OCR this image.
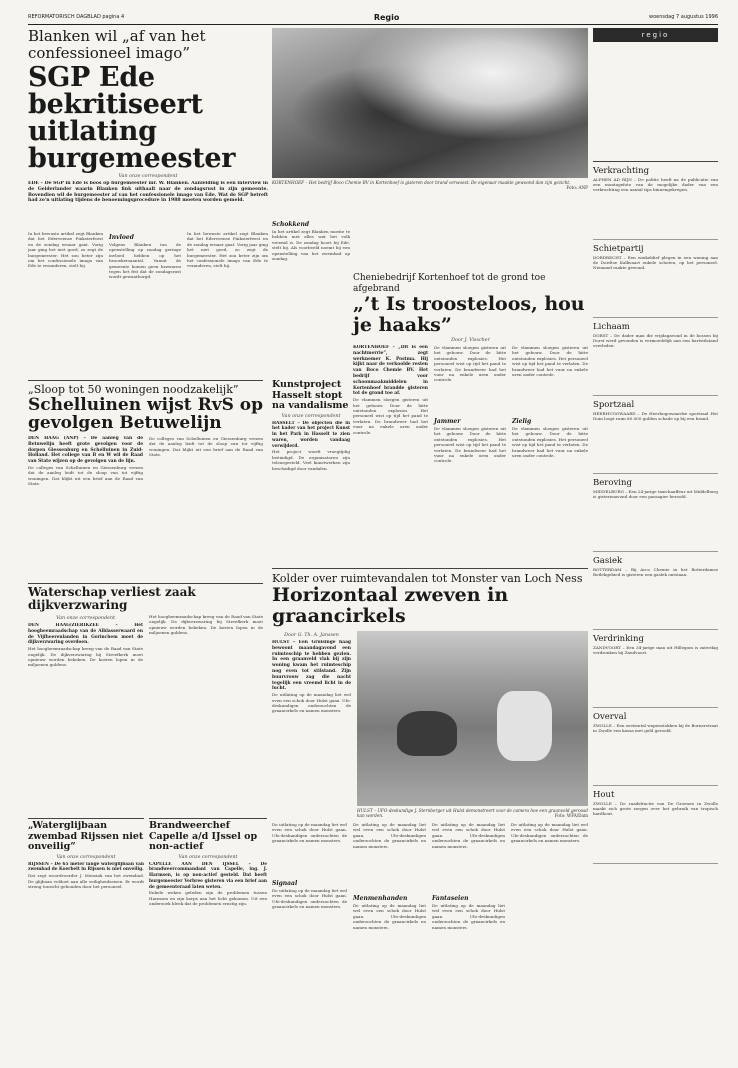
REFORMATORISCH DAGBLAD pagina 4	Regio	woensdag 7 augustus 1996
Blanken wil „af van het confessioneel imago”
SGP Ede bekritiseert uitlating burgemeester
Van onze correspondent
EDE – De SGP in Ede is boos op burgemeester mr. W. Blanken. Aanleiding is een interview in de Gelderlander waarin Blanken fink uithaalt naar de zondagsrust in zijn gemeente. Bovendien wil de burgemeester af van het confessionele imago van Ede. Wat de SGP betreft had zo'n uitlating tijdens de benoemingsprocedure in 1988 moeten worden gemeld.
In het bewuste artikel zegt Blanken dat het Ederveense Pinksterfeest en de zondag ernaar gaat. Vorig jaar ging het niet goed, zo zegt de burgemeester. Het zou beter zijn om het confessionele imago van Ede te veranderen, stelt hij.
Invloed
Volgens Blanken ton de openstelling op zondag geringe invloed hebben op het bezoekersaantal. Vanuit de gemeente komen geen bezwaren tegen het feit dat de zondagsrust wordt gewaarborgd.
In het bewuste artikel zegt Blanken dat het Ederveense Pinksterfeest en de zondag ernaar gaat. Vorig jaar ging het niet goed, zo zegt de burgemeester. Het zou beter zijn om het confessionele imago van Ede te veranderen, stelt hij.
KORTENHOEF – Het bedrijf Boco Chemie BV in Kortenhoef is gisteren door brand verwoest. De eigenaar maakte gewoond dan zijn gezicht.
Foto: ANP
Cheniebedrijf Kortenhoef tot de grond toe afgebrand
„’t Is troosteloos, hou je haaks”
Door J. Visscher
KORTENHOEF – „Dit is een nachtmerrie”, zegt werknemer K. Postma. Hij kijkt naar de verkoolde resten van Boco Chemie BV. Het bedrijf voor schoonmaakmiddelen in Kortenhoef brandde gisteren tot de grond toe af.
De vlammen sloegen gisteren uit het gebouw. Door de hitte ontstonden explosies. Het personeel wist op tijd het pand te verlaten. De brandweer had het vuur na enkele uren onder controle.
De vlammen sloegen gisteren uit het gebouw. Door de hitte ontstonden explosies. Het personeel wist op tijd het pand te verlaten. De brandweer had het vuur na enkele uren onder controle.
Jammer
De vlammen sloegen gisteren uit het gebouw. Door de hitte ontstonden explosies. Het personeel wist op tijd het pand te verlaten. De brandweer had het vuur na enkele uren onder controle.
De vlammen sloegen gisteren uit het gebouw. Door de hitte ontstonden explosies. Het personeel wist op tijd het pand te verlaten. De brandweer had het vuur na enkele uren onder controle.
Zielig
De vlammen sloegen gisteren uit het gebouw. Door de hitte ontstonden explosies. Het personeel wist op tijd het pand te verlaten. De brandweer had het vuur na enkele uren onder controle.
Schokkend
In het artikel zegt Blanken moeite te hebben met alles wat het volk vreemd is. De zondag hoort bij Ede, stelt hij. Als voorbeeld noemt hij een openstelling van het zwembad op zondag.
„Sloop tot 50 woningen noodzakelijk”
Schelluinen wijst RvS op gevolgen Betuwelijn
DEN HAAG (ANP) – De aanleg van de Betuwelijn heeft grote gevolgen voor de dorpen Giessenburg en Schelluinen in Zuid-Holland. Het college van B en W wil de Raad van State wijzen op de gevolgen van de lijn.
De colleges van Schelluinen en Giessenburg vrezen dat de aanleg leidt tot de sloop van tot vijftig woningen. Dat blijkt uit een brief aan de Raad van State.
De colleges van Schelluinen en Giessenburg vrezen dat de aanleg leidt tot de sloop van tot vijftig woningen. Dat blijkt uit een brief aan de Raad van State.
Kunstproject Hasselt stopt na vandalisme
Van onze correspondent
HASSELT – De objecten die in het kader van het project Kunst in het Park in Hasselt te zien waren, worden vandaag verwijderd.
Het project wordt vroegtijdig beëindigd. De organisatoren zijn teleurgesteld. Veel kunstwerken zijn beschadigd door vandalen.
Kolder over ruimtevandalen tot Monster van Loch Ness
Horizontaal zweven in graancirkels
Door G. Th. A. Janssen
HULST – Een Gruisinge haag bewoont maandagavond een ruimteschip te hebben gezien. In een graanveld vlak bij zijn woning kwam het ruimteschip nog even tot stilstand. Zijn buurvrouw zag die nacht tegelijk een vreemd licht in de lucht.
De uitlating op de maandag liet wel even een schok door Hulst gaan. Ufo-deskundigen onderzochten de graancirkels en namen monsters.
HULST – UFO-deskundige J. Sternberger uit Hulst demonstreert voor de camera hoe een graanveld geroosd kan worden.	Foto: WFA/Dam
De uitlating op de maandag liet wel even een schok door Hulst gaan. Ufo-deskundigen onderzochten de graancirkels en namen monsters.
Signaal
De uitlating op de maandag liet wel even een schok door Hulst gaan. Ufo-deskundigen onderzochten de graancirkels en namen monsters.
De uitlating op de maandag liet wel even een schok door Hulst gaan. Ufo-deskundigen onderzochten de graancirkels en namen monsters.
Menmenhanden
De uitlating op de maandag liet wel even een schok door Hulst gaan. Ufo-deskundigen onderzochten de graancirkels en namen monsters.
De uitlating op de maandag liet wel even een schok door Hulst gaan. Ufo-deskundigen onderzochten de graancirkels en namen monsters.
Fantaseien
De uitlating op de maandag liet wel even een schok door Hulst gaan. Ufo-deskundigen onderzochten de graancirkels en namen monsters.
De uitlating op de maandag liet wel even een schok door Hulst gaan. Ufo-deskundigen onderzochten de graancirkels en namen monsters.
Waterschap verliest zaak dijkverzwaring
Van onze correspondent
DEN HAAG/ZIERIKZEE – Het hoogheemraadschap van de Alblasserwaard en de Vijfheerenlanden in Gorinchem moet de dijkverzwaring overdoen.
Het hoogheemraadschap kreeg van de Raad van State ongelijk. De dijkverzwaring bij Streefkerk moet opnieuw worden bekeken. De kosten lopen in de miljoenen guldens.
Het hoogheemraadschap kreeg van de Raad van State ongelijk. De dijkverzwaring bij Streefkerk moet opnieuw worden bekeken. De kosten lopen in de miljoenen guldens.
„Waterglijbaan zwembad Rijssen niet onveilig”
Van onze correspondent
RIJSSEN – De 65 meter lange waterglijbaan van zwembad de Koerbelt in Rijssen is niet onveilig.
Dat zegt woordvoerder J. Mensink van het zwembad. De glijbaan voldoet aan alle veiligheidseisen. Er wordt streng toezicht gehouden door het personeel.
Brandweerchef Capelle a/d IJssel op non-actief
Van onze correspondent
CAPELLE AAN DEN IJSSEL – De brandweercommandant van Capelle, ing. J. Harmsen, is op non-actief gesteld. Dat heeft burgemeester Verbree gisteren via een brief aan de gemeenteraad laten weten.
Enkele weken geleden zijn de problemen tussen Harmsen en zijn korps aan het licht gekomen. Uit een onderzoek bleek dat de problemen ernstig zijn.
regio
Verkrachting
ALPHEN AD RIJN – De politie heeft na de publicatie van een montagefoto van de mogelijke dader van een verkrachting een aantal tips binnengekregen.
Schietpartij
DORDRECHT – Een winkeldief plegen in een woning aan de Dordtse Kalkvaart enkele schoten, op het personeel. Niemand raakte gewond.
Lichaam
DORST – De dader man die vrijdagavond in de bossen bij Dorst werd gevonden is vermoedelijk aan een hartstilstand overleden.
Sportzaal
HEERHUGOWAARD – De Heerhugowaardse sportzaal Het Duin loopt ruim 80.000 gulden schade op bij een brand.
Beroving
MIDDELBURG – Een 24-jarige taxichauffeur uit Middelburg is gisterenavond door een passagier beroofd.
Gasiek
ROTTERDAM – Bij Arco Chemie in het Rotterdamse Botlekgebied is gisteren een gaslek ontstaan.
Verdrinking
ZANDVOORT – Een 34-jarige man uit Hillegom is zaterdag verdronken bij Zandvoort.
Overval
ZWOLLE – Een zestiental wapenstokken bij de Bornerstraat in Zwolle een kassa met geld geroofd.
Hout
ZWOLLE – De raadsfractie van De Groenen in Zwolle maakt zich grote zorgen over het gebruik van tropisch hardhout.
